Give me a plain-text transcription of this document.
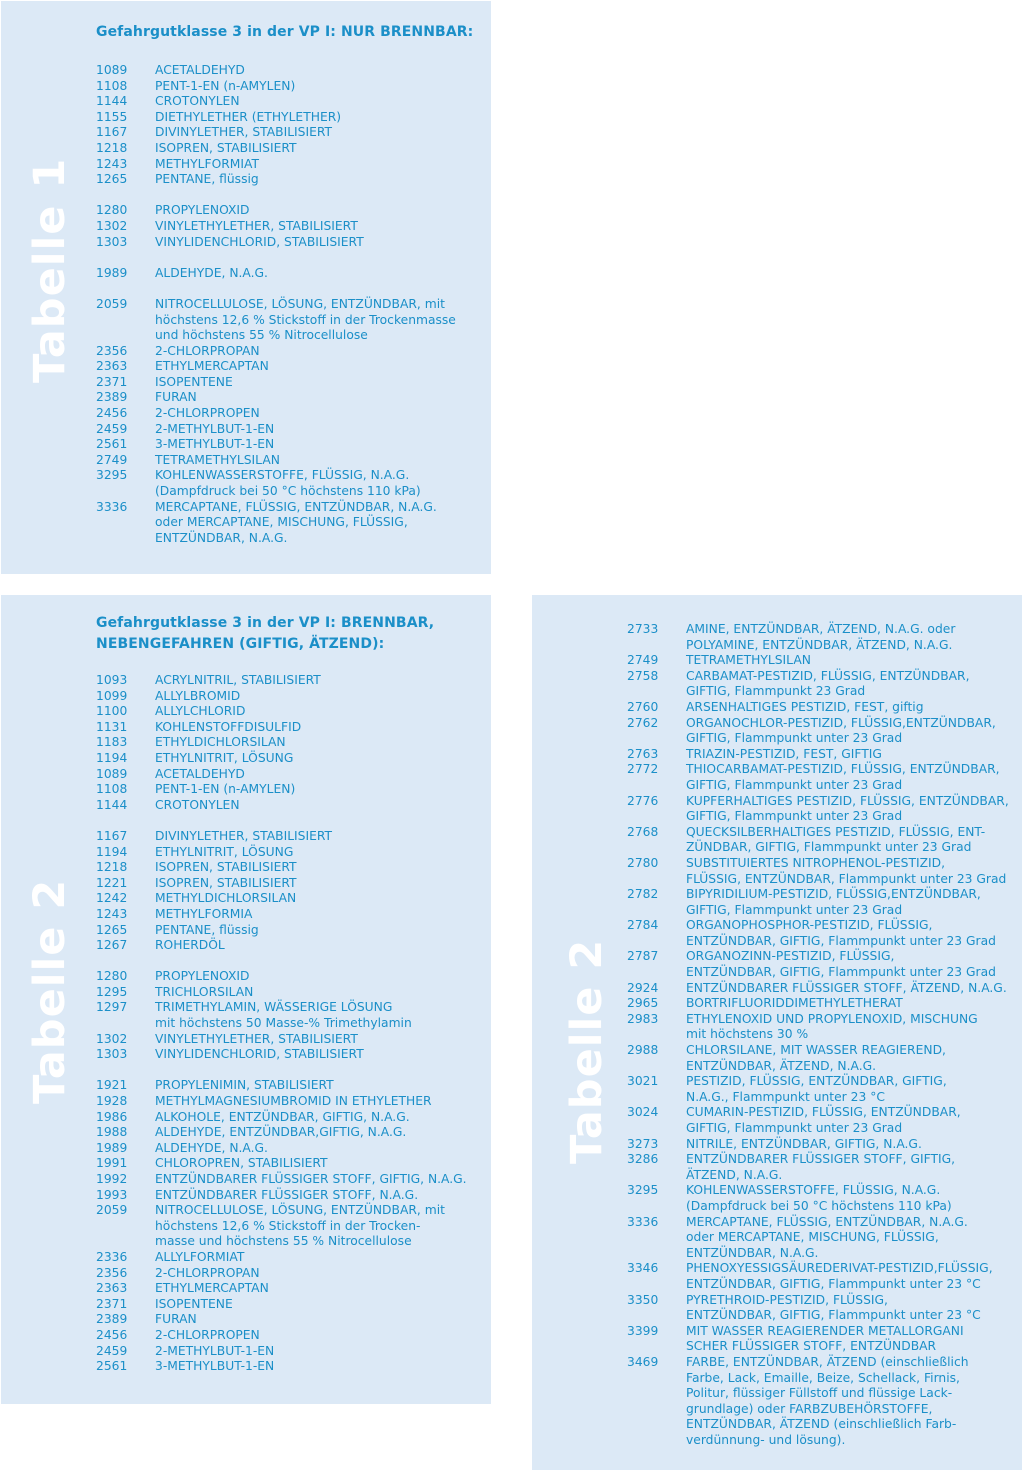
Tabelle 1
Tabelle 2	Tabelle 2
Gefahrgutklasse 3 in der VP I: NUR BRENNBAR:
Gefahrgutklasse 3 in der VP I: BRENNBAR,
NEBENGEFAHREN (GIFTIG, ÄTZEND):
1089	ACETALDEHYD
1108	PENT-1-EN (n-AMYLEN)
1144	CROTONYLEN
1155	DIETHYLETHER (ETHYLETHER)
1167	DIVINYLETHER, STABILISIERT
1218	ISOPREN, STABILISIERT
1243	METHYLFORMIAT
1265	PENTANE, flüssig
1280	PROPYLENOXID
1302	VINYLETHYLETHER, STABILISIERT
1303	VINYLIDENCHLORID, STABILISIERT
1989	ALDEHYDE, N.A.G.
2059	NITROCELLULOSE, LÖSUNG, ENTZÜNDBAR, mit
höchstens 12,6 % Stickstoff in der Trockenmasse
und höchstens 55 % Nitrocellulose
2356	2-CHLORPROPAN
2363	ETHYLMERCAPTAN
2371	ISOPENTENE
2389	FURAN
2456	2-CHLORPROPEN
2459	2-METHYLBUT-1-EN
2561	3-METHYLBUT-1-EN
2749	TETRAMETHYLSILAN
3295	KOHLENWASSERSTOFFE, FLÜSSIG, N.A.G.
(Dampfdruck bei 50 °C höchstens 110 kPa)
3336	MERCAPTANE, FLÜSSIG, ENTZÜNDBAR, N.A.G.
oder MERCAPTANE, MISCHUNG, FLÜSSIG,
ENTZÜNDBAR, N.A.G.
1093	ACRYLNITRIL, STABILISIERT
1099	ALLYLBROMID
1100	ALLYLCHLORID
1131	KOHLENSTOFFDISULFID
1183	ETHYLDICHLORSILAN
1194	ETHYLNITRIT, LÖSUNG
1089	ACETALDEHYD
1108	PENT-1-EN (n-AMYLEN)
1144	CROTONYLEN
1167	DIVINYLETHER, STABILISIERT
1194	ETHYLNITRIT, LÖSUNG
1218	ISOPREN, STABILISIERT
1221	ISOPREN, STABILISIERT
1242	METHYLDICHLORSILAN
1243	METHYLFORMIA
1265	PENTANE, flüssig
1267	ROHERDÖL
1280	PROPYLENOXID
1295	TRICHLORSILAN
1297	TRIMETHYLAMIN, WÄSSERIGE LÖSUNG
mit höchstens 50 Masse-% Trimethylamin
1302	VINYLETHYLETHER, STABILISIERT
1303	VINYLIDENCHLORID, STABILISIERT
1921	PROPYLENIMIN, STABILISIERT
1928	METHYLMAGNESIUMBROMID IN ETHYLETHER
1986	ALKOHOLE, ENTZÜNDBAR, GIFTIG, N.A.G.
1988	ALDEHYDE, ENTZÜNDBAR,GIFTIG, N.A.G.
1989	ALDEHYDE, N.A.G.
1991	CHLOROPREN, STABILISIERT
1992	ENTZÜNDBARER FLÜSSIGER STOFF, GIFTIG, N.A.G.
1993	ENTZÜNDBARER FLÜSSIGER STOFF, N.A.G.
2059	NITROCELLULOSE, LÖSUNG, ENTZÜNDBAR, mit
höchstens 12,6 % Stickstoff in der Trocken-
masse und höchstens 55 % Nitrocellulose
2336	ALLYLFORMIAT
2356	2-CHLORPROPAN
2363	ETHYLMERCAPTAN
2371	ISOPENTENE
2389	FURAN
2456	2-CHLORPROPEN
2459	2-METHYLBUT-1-EN
2561	3-METHYLBUT-1-EN
2733	AMINE, ENTZÜNDBAR, ÄTZEND, N.A.G. oder
POLYAMINE, ENTZÜNDBAR, ÄTZEND, N.A.G.
2749	TETRAMETHYLSILAN
2758	CARBAMAT-PESTIZID, FLÜSSIG, ENTZÜNDBAR,
GIFTIG, Flammpunkt 23 Grad
2760	ARSENHALTIGES PESTIZID, FEST, giftig
2762	ORGANOCHLOR-PESTIZID, FLÜSSIG,ENTZÜNDBAR,
GIFTIG, Flammpunkt unter 23 Grad
2763	TRIAZIN-PESTIZID, FEST, GIFTIG
2772	THIOCARBAMAT-PESTIZID, FLÜSSIG, ENTZÜNDBAR,
GIFTIG, Flammpunkt unter 23 Grad
2776	KUPFERHALTIGES PESTIZID, FLÜSSIG, ENTZÜNDBAR,
GIFTIG, Flammpunkt unter 23 Grad
2768	QUECKSILBERHALTIGES PESTIZID, FLÜSSIG, ENT-
ZÜNDBAR, GIFTIG, Flammpunkt unter 23 Grad
2780	SUBSTITUIERTES NITROPHENOL-PESTIZID,
FLÜSSIG, ENTZÜNDBAR, Flammpunkt unter 23 Grad
2782	BIPYRIDILIUM-PESTIZID, FLÜSSIG,ENTZÜNDBAR,
GIFTIG, Flammpunkt unter 23 Grad
2784	ORGANOPHOSPHOR-PESTIZID, FLÜSSIG,
ENTZÜNDBAR, GIFTIG, Flammpunkt unter 23 Grad
2787	ORGANOZINN-PESTIZID, FLÜSSIG,
ENTZÜNDBAR, GIFTIG, Flammpunkt unter 23 Grad
2924	ENTZÜNDBARER FLÜSSIGER STOFF, ÄTZEND, N.A.G.
2965	BORTRIFLUORIDDIMETHYLETHERAT
2983	ETHYLENOXID UND PROPYLENOXID, MISCHUNG
mit höchstens 30 %
2988	CHLORSILANE, MIT WASSER REAGIEREND,
ENTZÜNDBAR, ÄTZEND, N.A.G.
3021	PESTIZID, FLÜSSIG, ENTZÜNDBAR, GIFTIG,
N.A.G., Flammpunkt unter 23 °C
3024	CUMARIN-PESTIZID, FLÜSSIG, ENTZÜNDBAR,
GIFTIG, Flammpunkt unter 23 Grad
3273	NITRILE, ENTZÜNDBAR, GIFTIG, N.A.G.
3286	ENTZÜNDBARER FLÜSSIGER STOFF, GIFTIG,
ÄTZEND, N.A.G.
3295	KOHLENWASSERSTOFFE, FLÜSSIG, N.A.G.
(Dampfdruck bei 50 °C höchstens 110 kPa)
3336	MERCAPTANE, FLÜSSIG, ENTZÜNDBAR, N.A.G.
oder MERCAPTANE, MISCHUNG, FLÜSSIG,
ENTZÜNDBAR, N.A.G.
3346	PHENOXYESSIGSÄUREDERIVAT-PESTIZID,FLÜSSIG,
ENTZÜNDBAR, GIFTIG, Flammpunkt unter 23 °C
3350	PYRETHROID-PESTIZID, FLÜSSIG,
ENTZÜNDBAR, GIFTIG, Flammpunkt unter 23 °C
3399	MIT WASSER REAGIERENDER METALLORGANI
SCHER FLÜSSIGER STOFF, ENTZÜNDBAR
3469	FARBE, ENTZÜNDBAR, ÄTZEND (einschließlich
Farbe, Lack, Emaille, Beize, Schellack, Firnis,
Politur, flüssiger Füllstoff und flüssige Lack-
grundlage) oder FARBZUBEHÖRSTOFFE,
ENTZÜNDBAR, ÄTZEND (einschließlich Farb-
verdünnung- und lösung).
